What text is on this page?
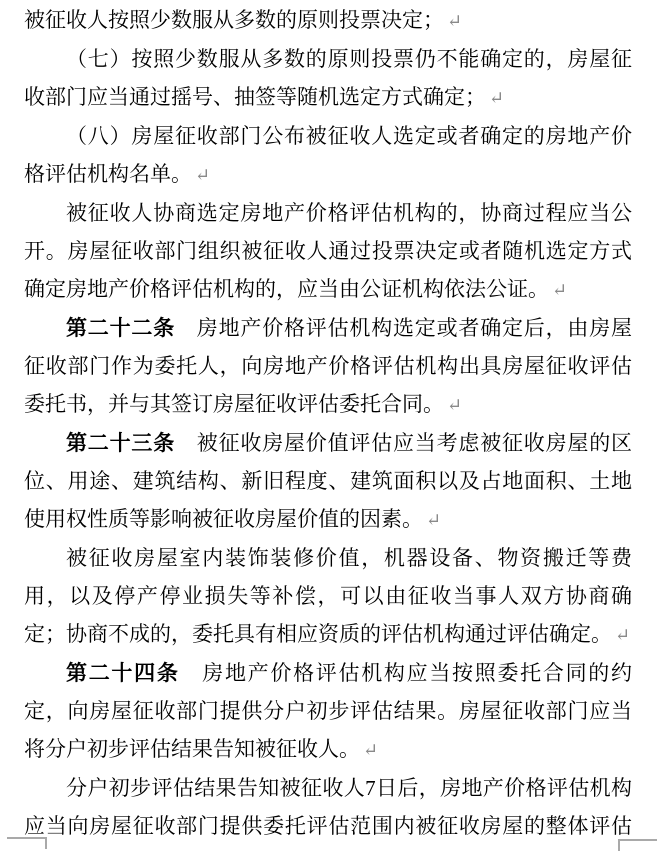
被征收人按照少数服从多数的原则投票决定； ↵

（七）按照少数服从多数的原则投票仍不能确定的，房屋征收部门应当通过摇号、抽签等随机选定方式确定； ↵

（八）房屋征收部门公布被征收人选定或者确定的房地产价格评估机构名单。 ↵

被征收人协商选定房地产价格评估机构的，协商过程应当公开。房屋征收部门组织被征收人通过投票决定或者随机选定方式确定房地产价格评估机构的，应当由公证机构依法公证。 ↵

第二十二条　房地产价格评估机构选定或者确定后，由房屋征收部门作为委托人，向房地产价格评估机构出具房屋征收评估委托书，并与其签订房屋征收评估委托合同。 ↵

第二十三条　被征收房屋价值评估应当考虑被征收房屋的区位、用途、建筑结构、新旧程度、建筑面积以及占地面积、土地使用权性质等影响被征收房屋价值的因素。 ↵

被征收房屋室内装饰装修价值，机器设备、物资搬迁等费用，以及停产停业损失等补偿，可以由征收当事人双方协商确定；协商不成的，委托具有相应资质的评估机构通过评估确定。 ↵

第二十四条　房地产价格评估机构应当按照委托合同的约定，向房屋征收部门提供分户初步评估结果。房屋征收部门应当将分户初步评估结果告知被征收人。 ↵

分户初步评估结果告知被征收人7日后，房地产价格评估机构应当向房屋征收部门提供委托评估范围内被征收房屋的整体评估
